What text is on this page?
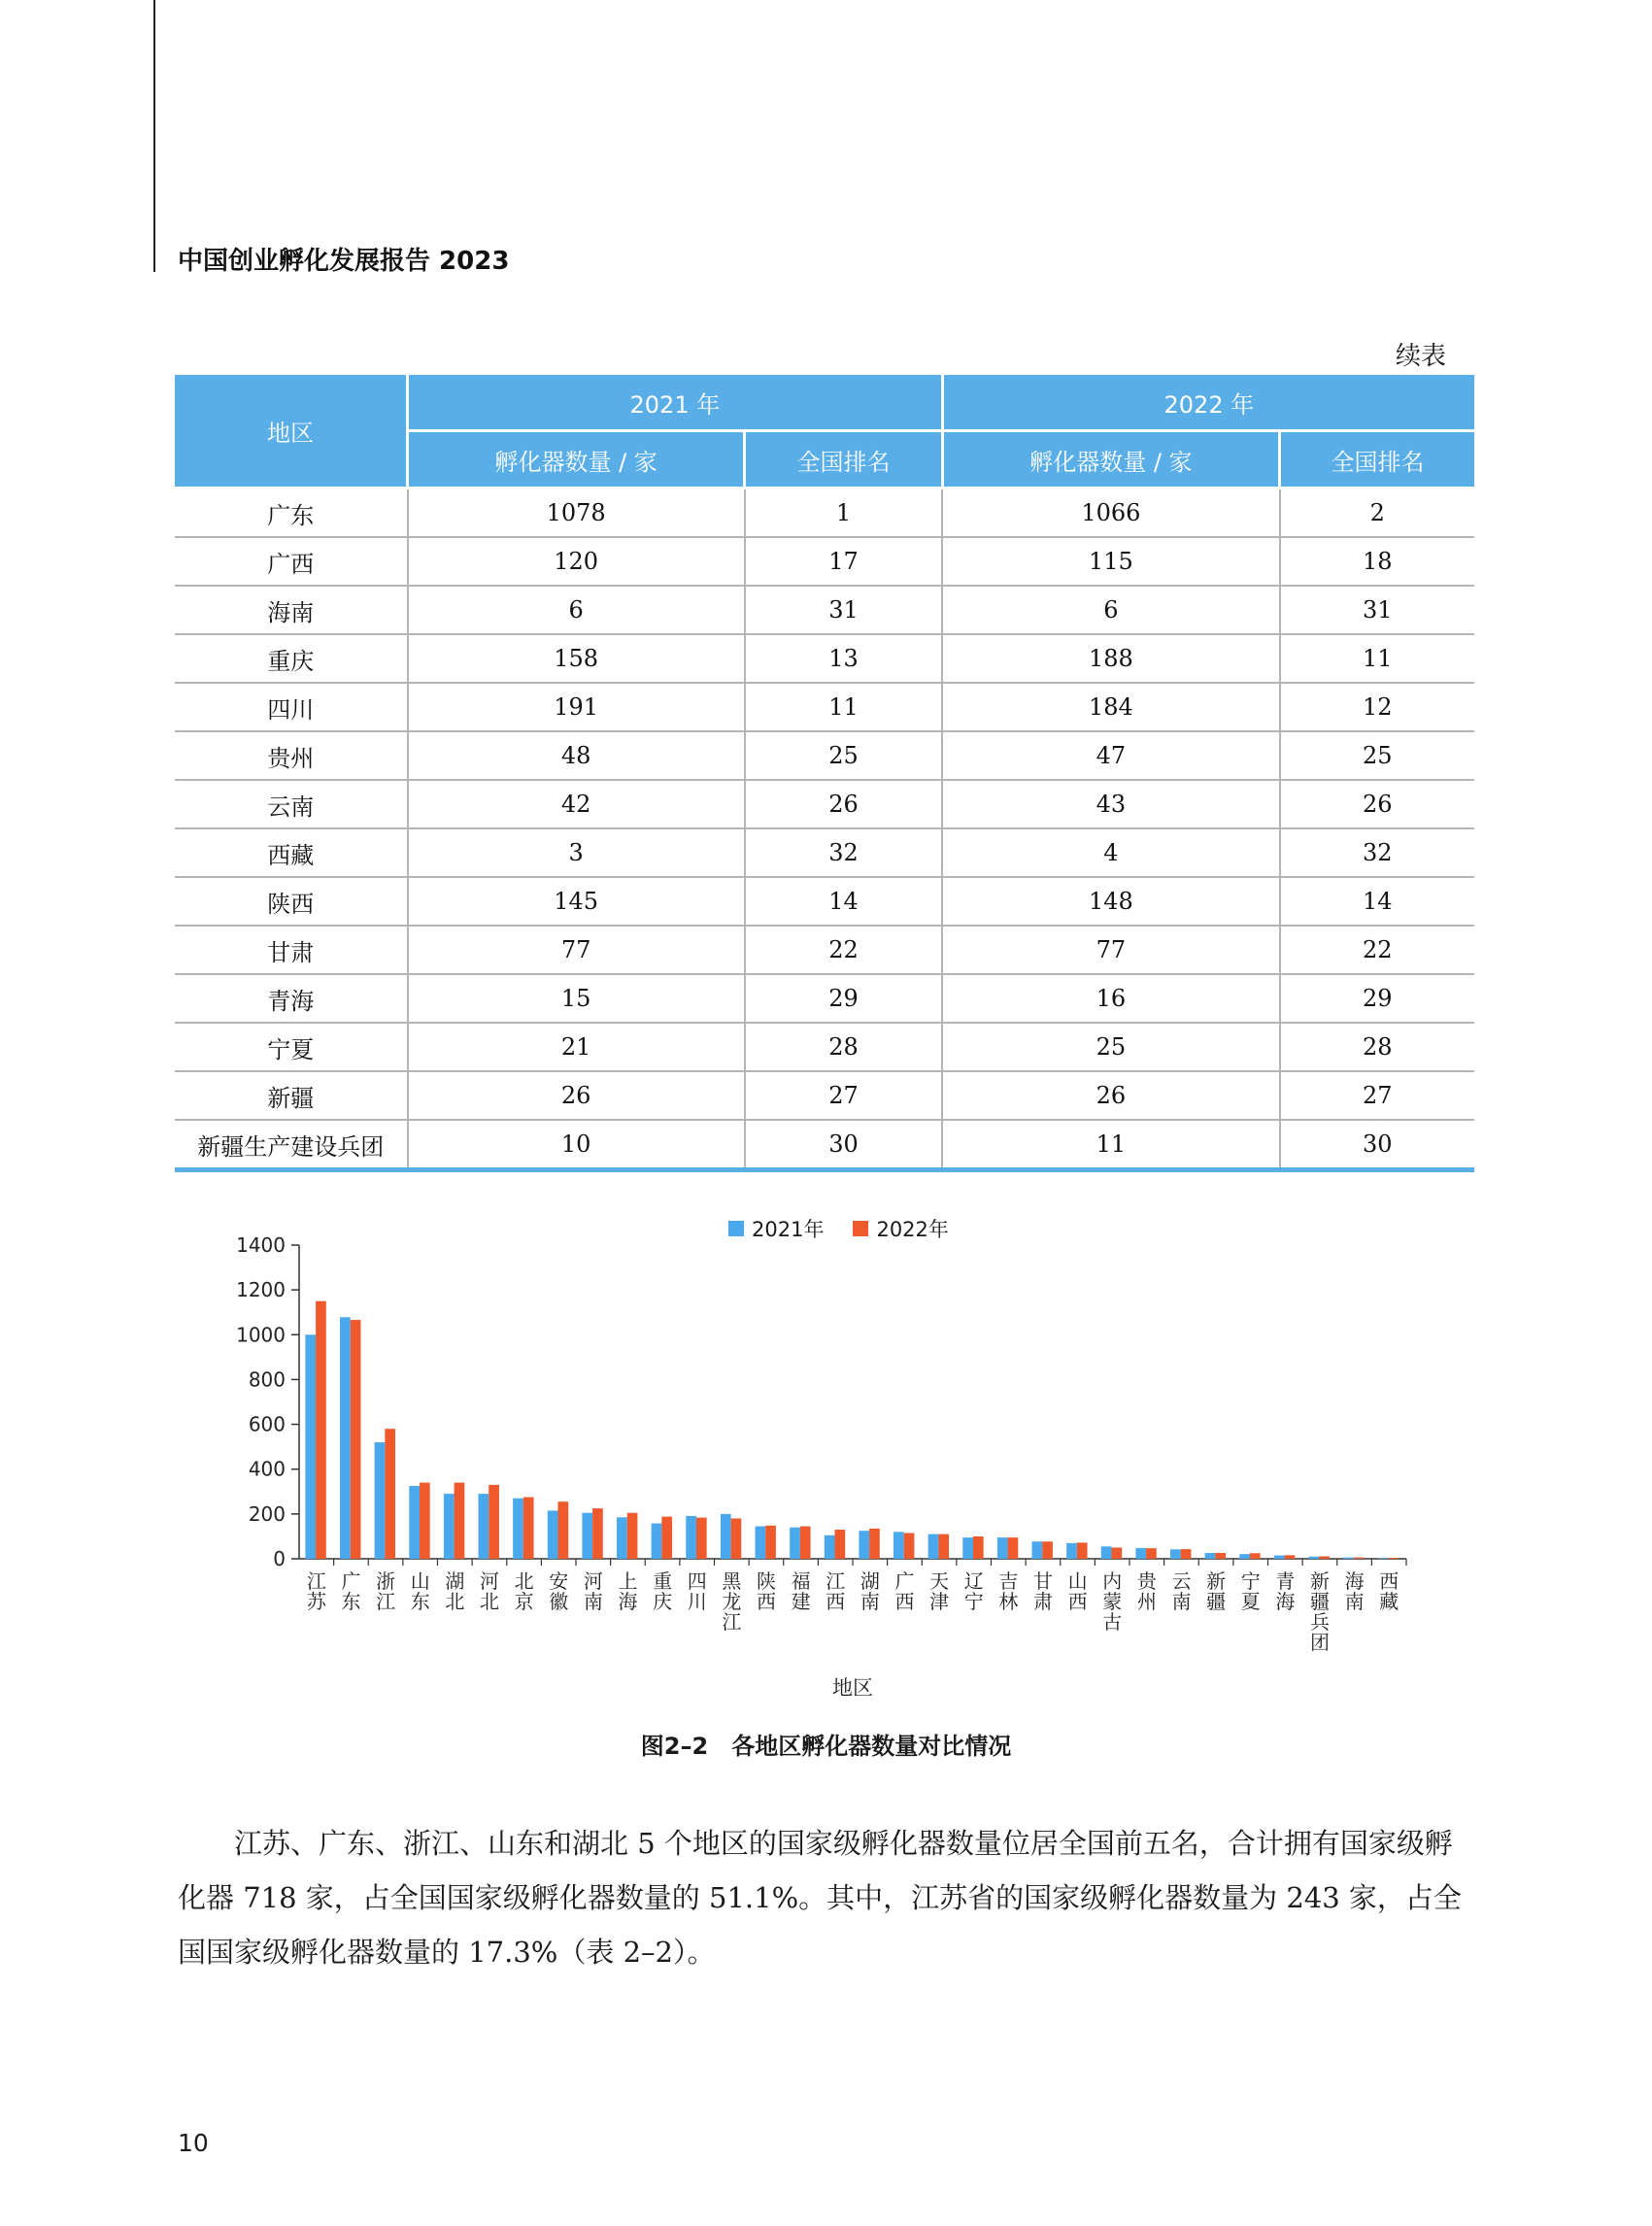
中国创业孵化发展报告 2023
续表
地区	2021 年		2022 年	
	孵化器数量 / 家	全国排名	孵化器数量 / 家	全国排名
广东	1078	1	1066	2
广西	120	17	115	18
海南	6	31	6	31
重庆	158	13	188	11
四川	191	11	184	12
贵州	48	25	47	25
云南	42	26	43	26
西藏	3	32	4	32
陕西	145	14	148	14
甘肃	77	22	77	22
青海	15	29	16	29
宁夏	21	28	25	28
新疆	26	27	26	27
新疆生产建设兵团	10	30	11	30
0
200
400
600
800
1000
1200
1400
江苏
广东
浙江
山东
湖北
河北
北京
安徽
河南
上海
重庆
四川
黑龙江
陕西
福建
江西
湖南
广西
天津
辽宁
吉林
甘肃
山西
内蒙古
贵州
云南
新疆
宁夏
青海
新疆兵团
海南
西藏
地区
2021年	2022年
图2–2　各地区孵化器数量对比情况
江苏、广东、浙江、山东和湖北 5 个地区的国家级孵化器数量位居全国前五名，合计拥有国家级孵化器 718 家，占全国国家级孵化器数量的 51.1%。其中，江苏省的国家级孵化器数量为 243 家，占全国国家级孵化器数量的 17.3%（表 2–2）。
10
